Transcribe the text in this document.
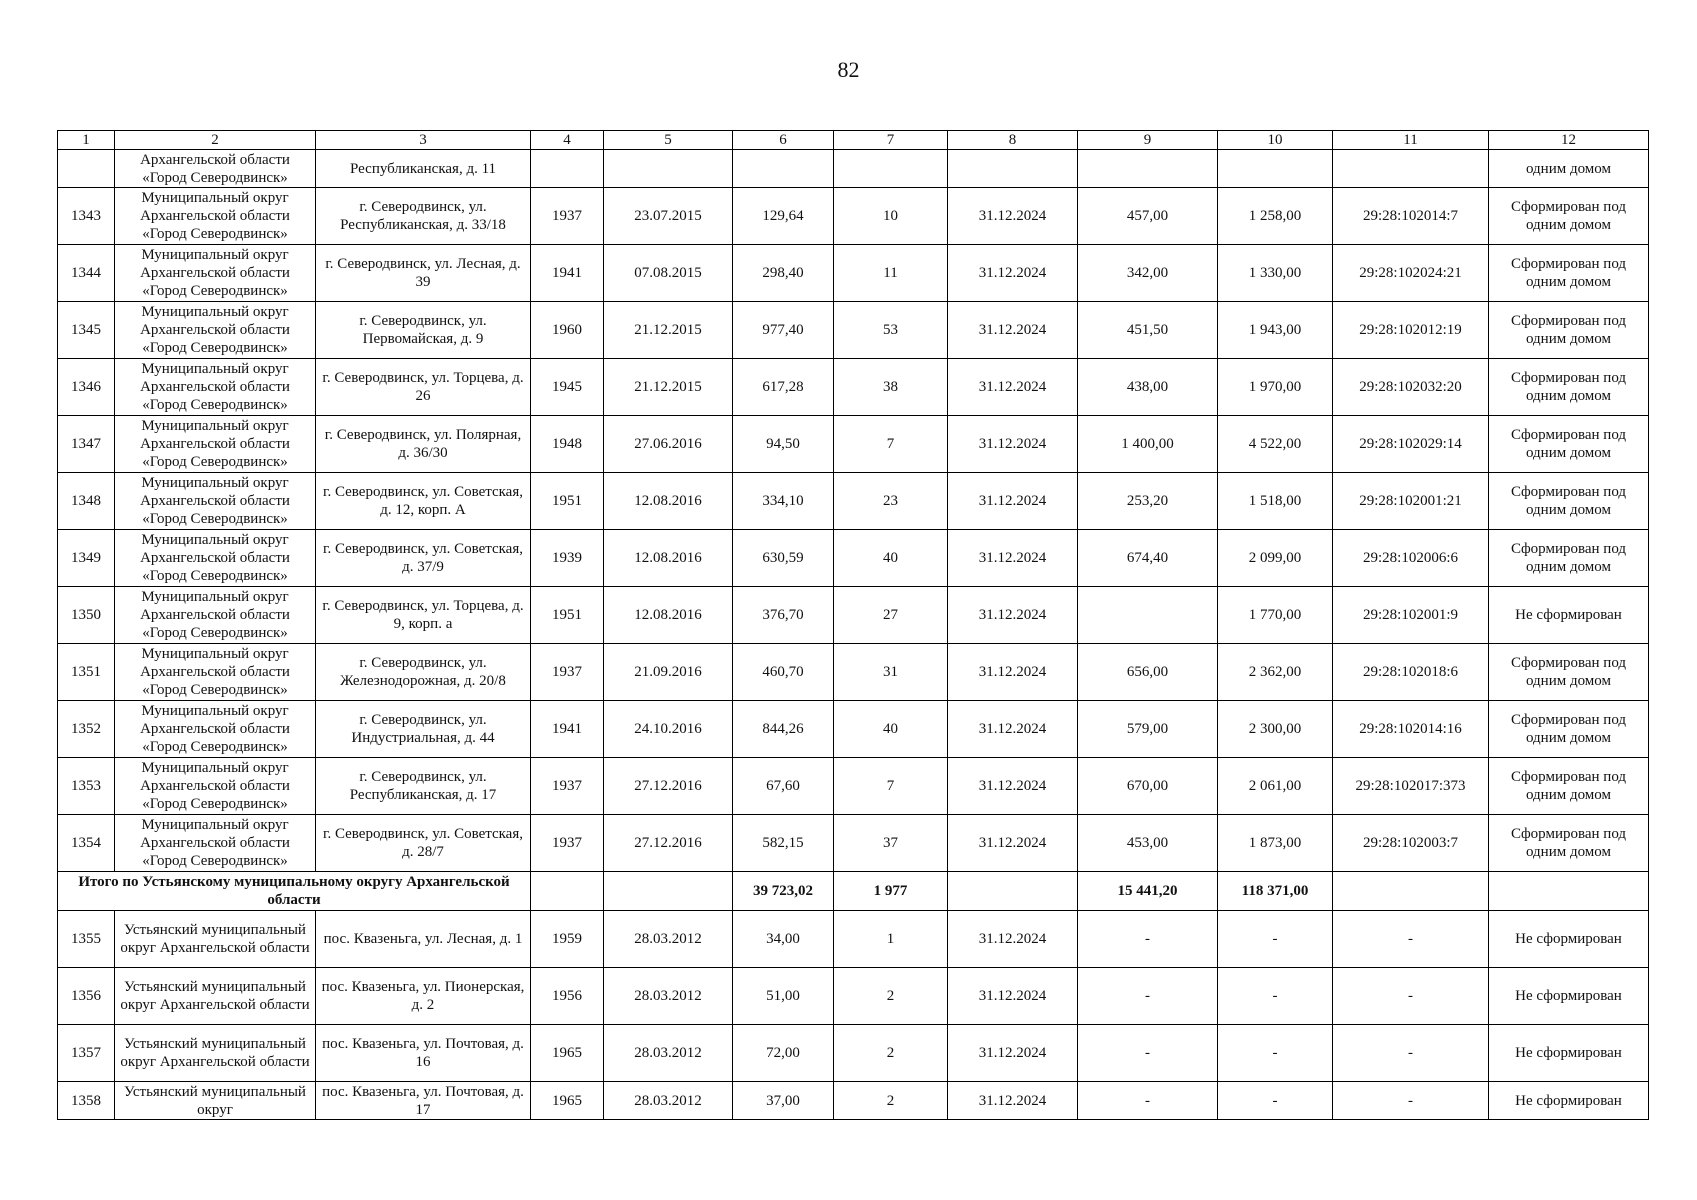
82
1	2	3	4	5	6	7	8	9	10	11	12
	Архангельской области «Город Северодвинск»	Республиканская, д. 11									одним домом
1343	Муниципальный округ Архангельской области «Город Северодвинск»	г. Северодвинск, ул. Республиканская, д. 33/18	1937	23.07.2015	129,64	10	31.12.2024	457,00	1 258,00	29:28:102014:7	Сформирован под одним домом
1344	Муниципальный округ Архангельской области «Город Северодвинск»	г. Северодвинск, ул. Лесная, д. 39	1941	07.08.2015	298,40	11	31.12.2024	342,00	1 330,00	29:28:102024:21	Сформирован под одним домом
1345	Муниципальный округ Архангельской области «Город Северодвинск»	г. Северодвинск, ул. Первомайская, д. 9	1960	21.12.2015	977,40	53	31.12.2024	451,50	1 943,00	29:28:102012:19	Сформирован под одним домом
1346	Муниципальный округ Архангельской области «Город Северодвинск»	г. Северодвинск, ул. Торцева, д. 26	1945	21.12.2015	617,28	38	31.12.2024	438,00	1 970,00	29:28:102032:20	Сформирован под одним домом
1347	Муниципальный округ Архангельской области «Город Северодвинск»	г. Северодвинск, ул. Полярная, д. 36/30	1948	27.06.2016	94,50	7	31.12.2024	1 400,00	4 522,00	29:28:102029:14	Сформирован под одним домом
1348	Муниципальный округ Архангельской области «Город Северодвинск»	г. Северодвинск, ул. Советская, д. 12, корп. А	1951	12.08.2016	334,10	23	31.12.2024	253,20	1 518,00	29:28:102001:21	Сформирован под одним домом
1349	Муниципальный округ Архангельской области «Город Северодвинск»	г. Северодвинск, ул. Советская, д. 37/9	1939	12.08.2016	630,59	40	31.12.2024	674,40	2 099,00	29:28:102006:6	Сформирован под одним домом
1350	Муниципальный округ Архангельской области «Город Северодвинск»	г. Северодвинск, ул. Торцева, д. 9, корп. а	1951	12.08.2016	376,70	27	31.12.2024		1 770,00	29:28:102001:9	Не сформирован
1351	Муниципальный округ Архангельской области «Город Северодвинск»	г. Северодвинск, ул. Железнодорожная, д. 20/8	1937	21.09.2016	460,70	31	31.12.2024	656,00	2 362,00	29:28:102018:6	Сформирован под одним домом
1352	Муниципальный округ Архангельской области «Город Северодвинск»	г. Северодвинск, ул. Индустриальная, д. 44	1941	24.10.2016	844,26	40	31.12.2024	579,00	2 300,00	29:28:102014:16	Сформирован под одним домом
1353	Муниципальный округ Архангельской области «Город Северодвинск»	г. Северодвинск, ул. Республиканская, д. 17	1937	27.12.2016	67,60	7	31.12.2024	670,00	2 061,00	29:28:102017:373	Сформирован под одним домом
1354	Муниципальный округ Архангельской области «Город Северодвинск»	г. Северодвинск, ул. Советская, д. 28/7	1937	27.12.2016	582,15	37	31.12.2024	453,00	1 873,00	29:28:102003:7	Сформирован под одним домом
Итого по Устьянскому муниципальному округу Архангельской области					39 723,02	1 977		15 441,20	118 371,00		
1355	Устьянский муниципальный округ Архангельской области	пос. Квазеньга, ул. Лесная, д. 1	1959	28.03.2012	34,00	1	31.12.2024	-	-	-	Не сформирован
1356	Устьянский муниципальный округ Архангельской области	пос. Квазеньга, ул. Пионерская, д. 2	1956	28.03.2012	51,00	2	31.12.2024	-	-	-	Не сформирован
1357	Устьянский муниципальный округ Архангельской области	пос. Квазеньга, ул. Почтовая, д. 16	1965	28.03.2012	72,00	2	31.12.2024	-	-	-	Не сформирован
1358	Устьянский муниципальный округ	пос. Квазеньга, ул. Почтовая, д. 17	1965	28.03.2012	37,00	2	31.12.2024	-	-	-	Не сформирован
